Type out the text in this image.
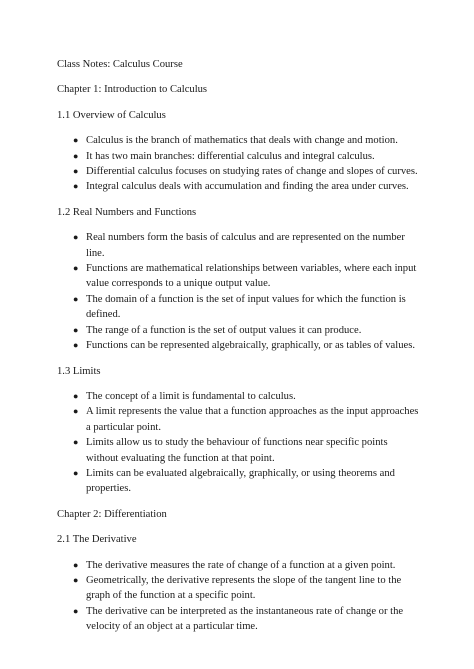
Class Notes: Calculus Course

Chapter 1: Introduction to Calculus

1.1 Overview of Calculus

● Calculus is the branch of mathematics that deals with change and motion.
● It has two main branches: differential calculus and integral calculus.
● Differential calculus focuses on studying rates of change and slopes of curves.
● Integral calculus deals with accumulation and finding the area under curves.

1.2 Real Numbers and Functions

● Real numbers form the basis of calculus and are represented on the number line.
● Functions are mathematical relationships between variables, where each input value corresponds to a unique output value.
● The domain of a function is the set of input values for which the function is defined.
● The range of a function is the set of output values it can produce.
● Functions can be represented algebraically, graphically, or as tables of values.

1.3 Limits

● The concept of a limit is fundamental to calculus.
● A limit represents the value that a function approaches as the input approaches a particular point.
● Limits allow us to study the behaviour of functions near specific points without evaluating the function at that point.
● Limits can be evaluated algebraically, graphically, or using theorems and properties.

Chapter 2: Differentiation

2.1 The Derivative

● The derivative measures the rate of change of a function at a given point.
● Geometrically, the derivative represents the slope of the tangent line to the graph of the function at a specific point.
● The derivative can be interpreted as the instantaneous rate of change or the velocity of an object at a particular time.
